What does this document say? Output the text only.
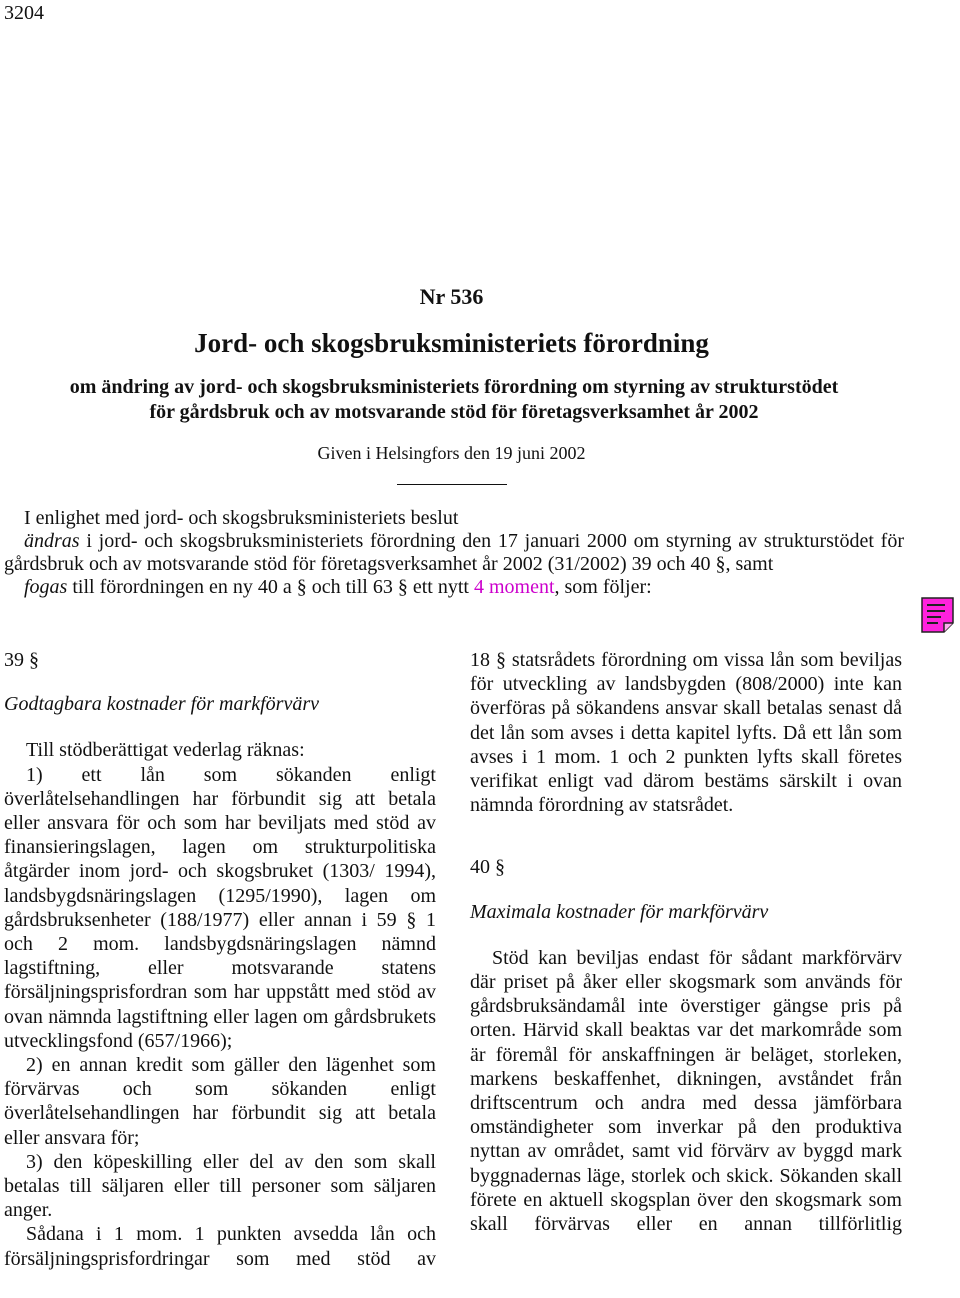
3204
Nr 536
Jord- och skogsbruksministeriets förordning
om ändring av jord- och skogsbruksministeriets förordning om styrning av strukturstödet
för gårdsbruk och av motsvarande stöd för företagsverksamhet år 2002
Given i Helsingfors den 19 juni 2002

I enlighet med jord- och skogsbruksministeriets beslut

ändras i jord- och skogsbruksministeriets förordning den 17 januari 2000 om styrning av strukturstödet för gårdsbruk och av motsvarande stöd för företagsverksamhet år 2002 (31/2002) 39 och 40 §, samt

fogas till förordningen en ny 40 a § och till 63 § ett nytt 4 moment, som följer:

39 §

Godtagbara kostnader för markförvärv

Till stödberättigat vederlag räknas:

1) ett lån som sökanden enligt överlåtelsehandlingen har förbundit sig att betala eller ansvara för och som har beviljats med stöd av finansieringslagen, lagen om strukturpolitiska åtgärder inom jord- och skogsbruket (1303/ 1994), landsbygdsnäringslagen (1295/1990), lagen om gårdsbruksenheter (188/1977) eller annan i 59 § 1 och 2 mom. landsbygdsnäringslagen nämnd lagstiftning, eller motsvarande statens försäljningsprisfordran som har uppstått med stöd av ovan nämnda lagstiftning eller lagen om gårdsbrukets utvecklingsfond (657/1966);

2) en annan kredit som gäller den lägenhet som förvärvas och som sökanden enligt överlåtelsehandlingen har förbundit sig att betala eller ansvara för;

3) den köpeskilling eller del av den som skall betalas till säljaren eller till personer som säljaren anger.

Sådana i 1 mom. 1 punkten avsedda lån och försäljningsprisfordringar som med stöd av

18 § statsrådets förordning om vissa lån som beviljas för utveckling av landsbygden (808/2000) inte kan överföras på sökandens ansvar skall betalas senast då det lån som avses i detta kapitel lyfts. Då ett lån som avses i 1 mom. 1 och 2 punkten lyfts skall företes verifikat enligt vad därom bestäms särskilt i ovan nämnda förordning av statsrådet.

40 §

Maximala kostnader för markförvärv

Stöd kan beviljas endast för sådant markförvärv där priset på åker eller skogsmark som används för gårdsbruksändamål inte överstiger gängse pris på orten. Härvid skall beaktas var det markområde som är föremål för anskaffningen är beläget, storleken, markens beskaffenhet, dikningen, avståndet från driftscentrum och andra med dessa jämförbara omständigheter som inverkar på den produktiva nyttan av området, samt vid förvärv av byggd mark byggnadernas läge, storlek och skick. Sökanden skall förete en aktuell skogsplan över den skogsmark som skall förvärvas eller en annan tillförlitlig
